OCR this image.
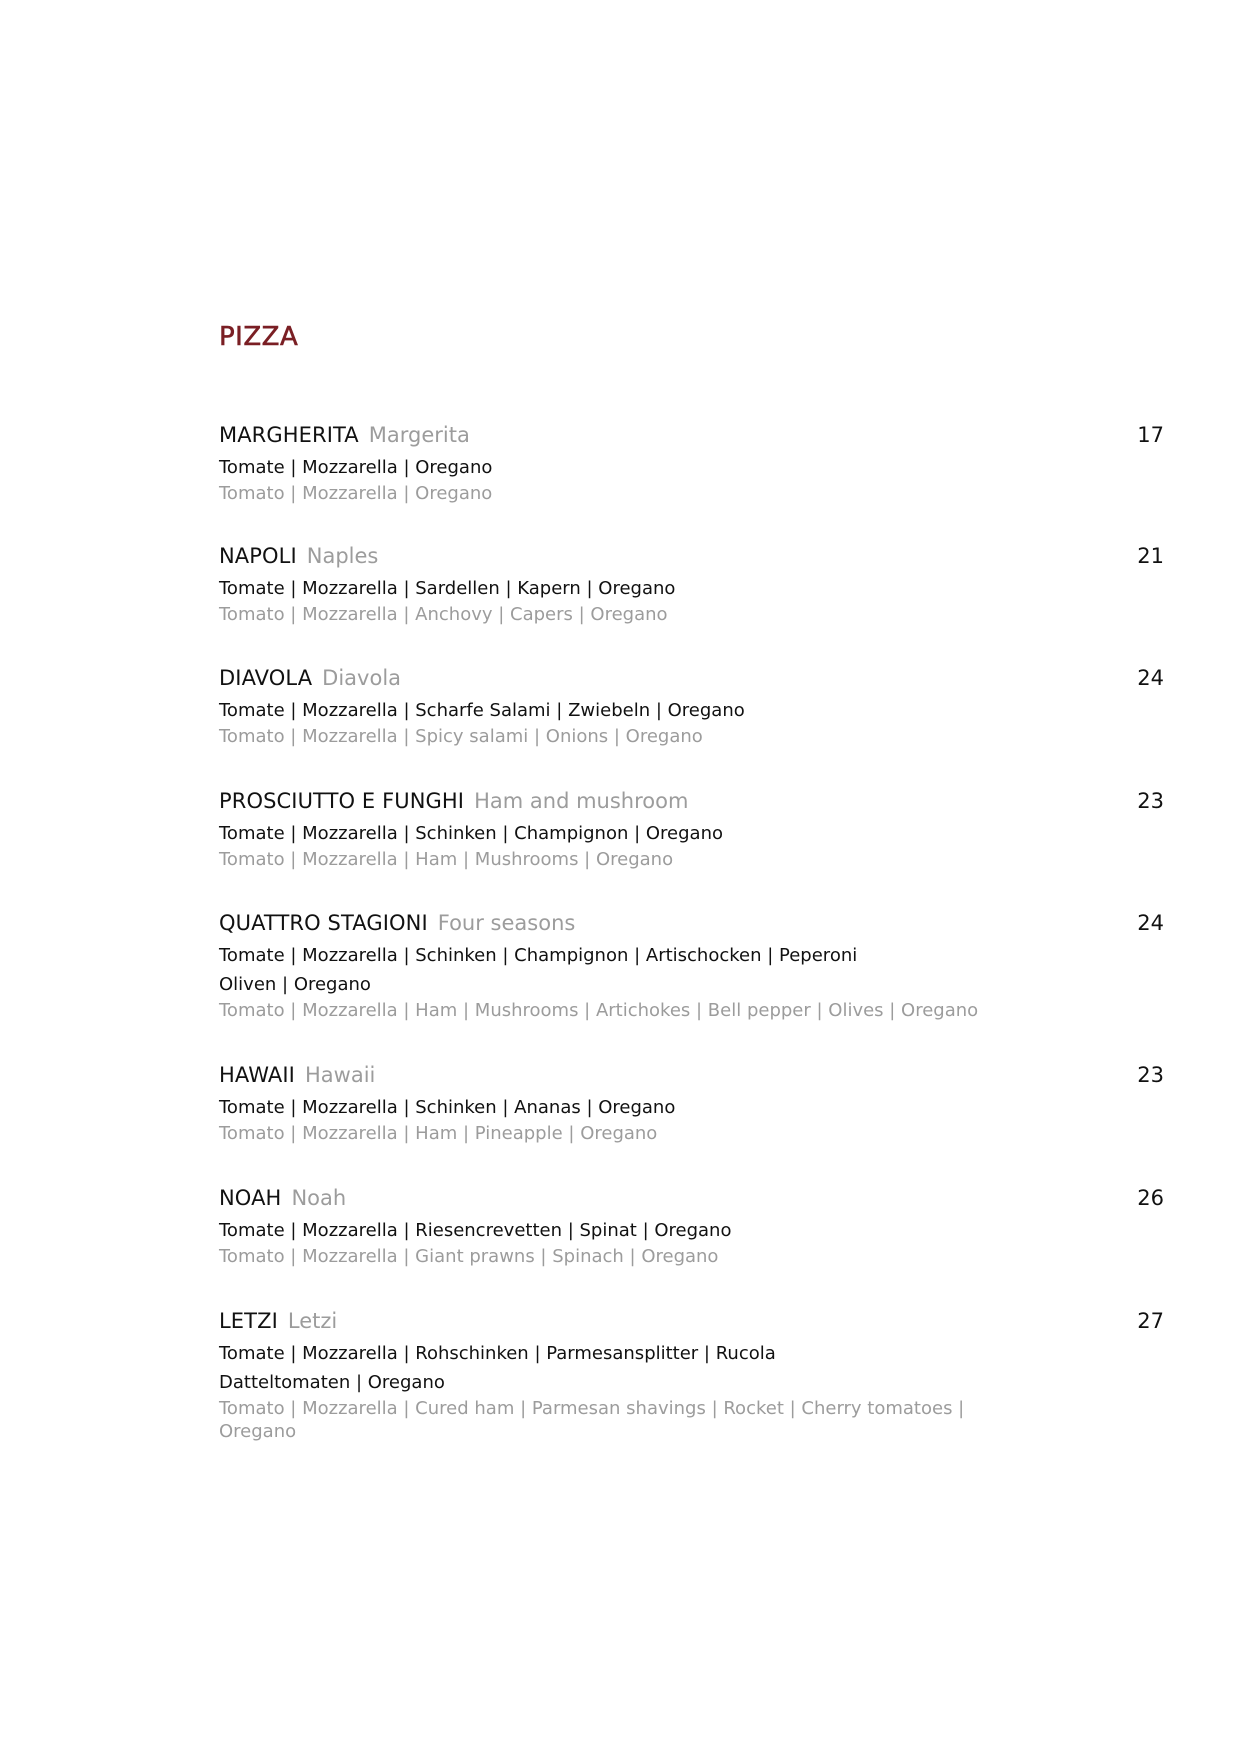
PIZZA
MARGHERITA Margerita	17
Tomate | Mozzarella | Oregano
Tomato | Mozzarella | Oregano
NAPOLI Naples	21
Tomate | Mozzarella | Sardellen | Kapern | Oregano
Tomato | Mozzarella | Anchovy | Capers | Oregano
DIAVOLA Diavola	24
Tomate | Mozzarella | Scharfe Salami | Zwiebeln | Oregano
Tomato | Mozzarella | Spicy salami | Onions | Oregano
PROSCIUTTO E FUNGHI Ham and mushroom	23
Tomate | Mozzarella | Schinken | Champignon | Oregano
Tomato | Mozzarella | Ham | Mushrooms | Oregano
QUATTRO STAGIONI Four seasons	24
Tomate | Mozzarella | Schinken | Champignon | Artischocken | Peperoni Oliven | Oregano
Tomato | Mozzarella | Ham | Mushrooms | Artichokes | Bell pepper | Olives | Oregano
HAWAII Hawaii	23
Tomate | Mozzarella | Schinken | Ananas | Oregano
Tomato | Mozzarella | Ham | Pineapple | Oregano
NOAH Noah	26
Tomate | Mozzarella | Riesencrevetten | Spinat | Oregano
Tomato | Mozzarella | Giant prawns | Spinach | Oregano
LETZI Letzi	27
Tomate | Mozzarella | Rohschinken | Parmesansplitter | Rucola Datteltomaten | Oregano
Tomato | Mozzarella | Cured ham | Parmesan shavings | Rocket | Cherry tomatoes | Oregano
